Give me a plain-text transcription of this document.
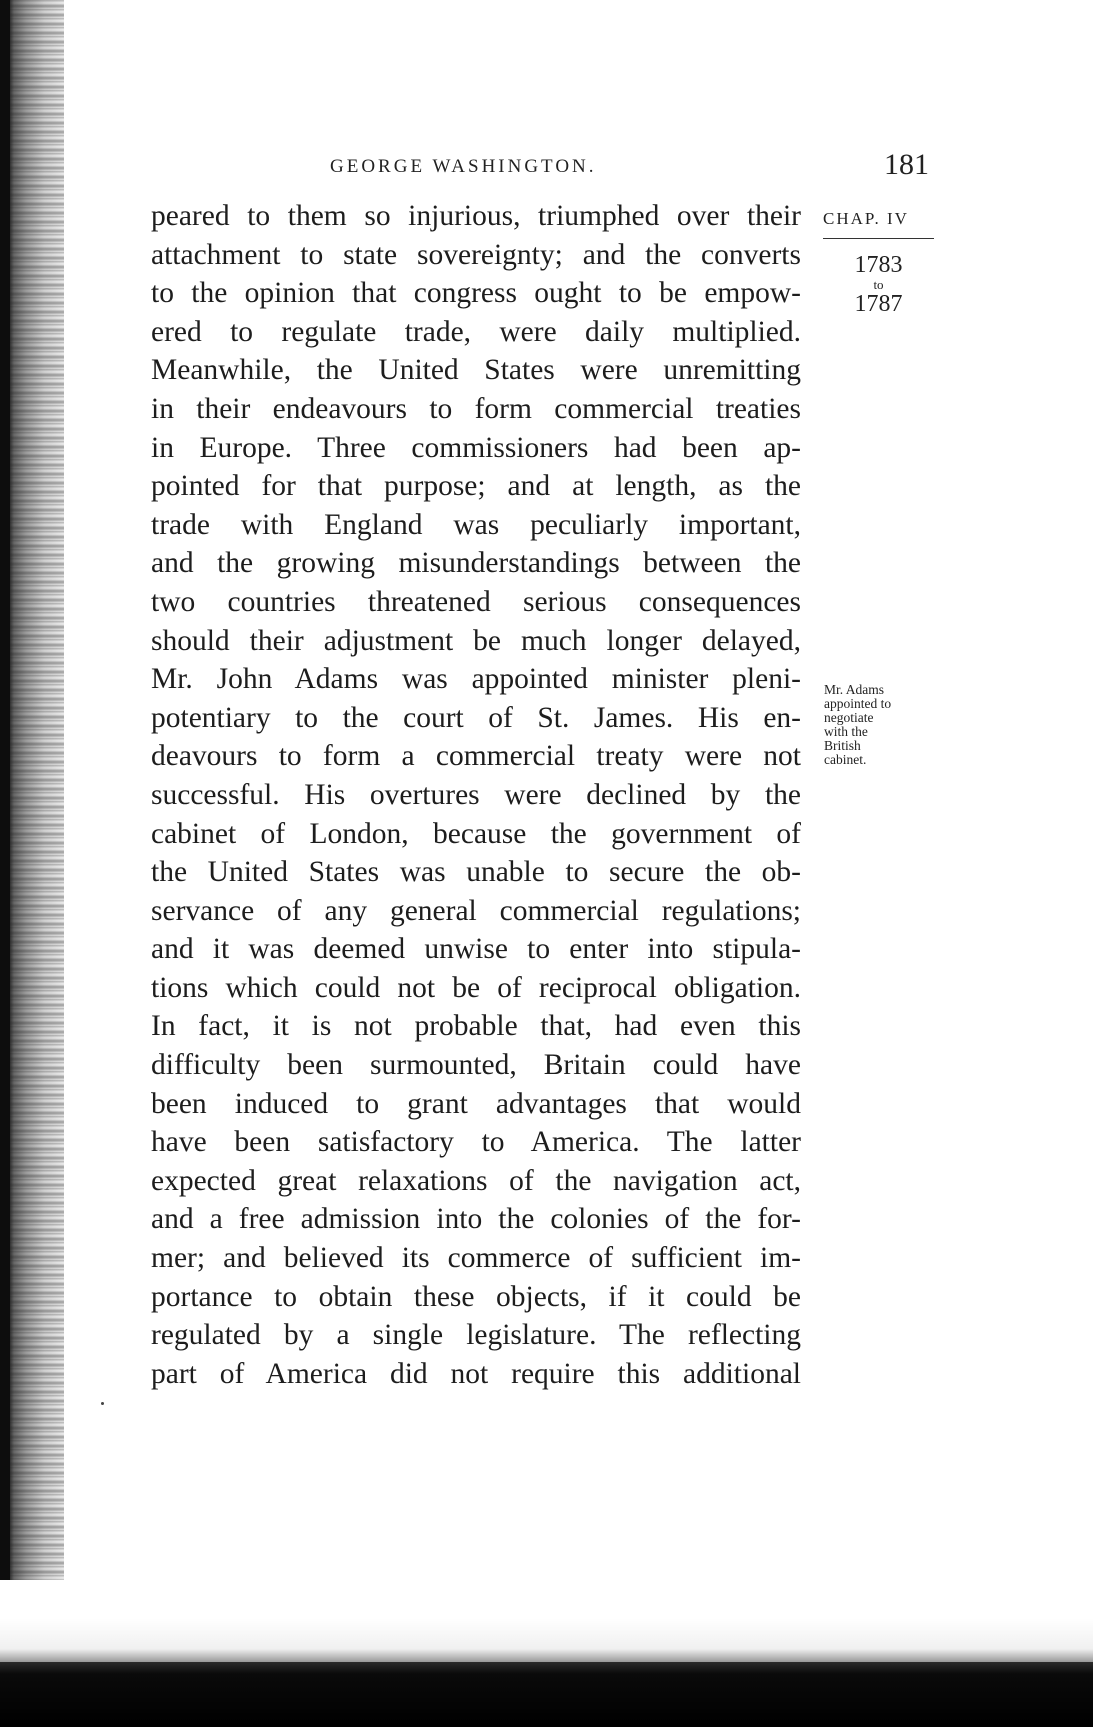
GEORGE WASHINGTON.	181
CHAP. IV
1783
to
1787
Mr. Adams
appointed to
negotiate
with the
British
cabinet.
peared to them so injurious, triumphed over their
attachment to state sovereignty; and the converts
to the opinion that congress ought to be empow-
ered to regulate trade, were daily multiplied.
Meanwhile, the United States were unremitting
in their endeavours to form commercial treaties
in Europe. Three commissioners had been ap-
pointed for that purpose; and at length, as the
trade with England was peculiarly important,
and the growing misunderstandings between the
two countries threatened serious consequences
should their adjustment be much longer delayed,
Mr. John Adams was appointed minister pleni-
potentiary to the court of St. James. His en-
deavours to form a commercial treaty were not
successful. His overtures were declined by the
cabinet of London, because the government of
the United States was unable to secure the ob-
servance of any general commercial regulations;
and it was deemed unwise to enter into stipula-
tions which could not be of reciprocal obligation.
In fact, it is not probable that, had even this
difficulty been surmounted, Britain could have
been induced to grant advantages that would
have been satisfactory to America. The latter
expected great relaxations of the navigation act,
and a free admission into the colonies of the for-
mer; and believed its commerce of sufficient im-
portance to obtain these objects, if it could be
regulated by a single legislature. The reflecting
part of America did not require this additional
